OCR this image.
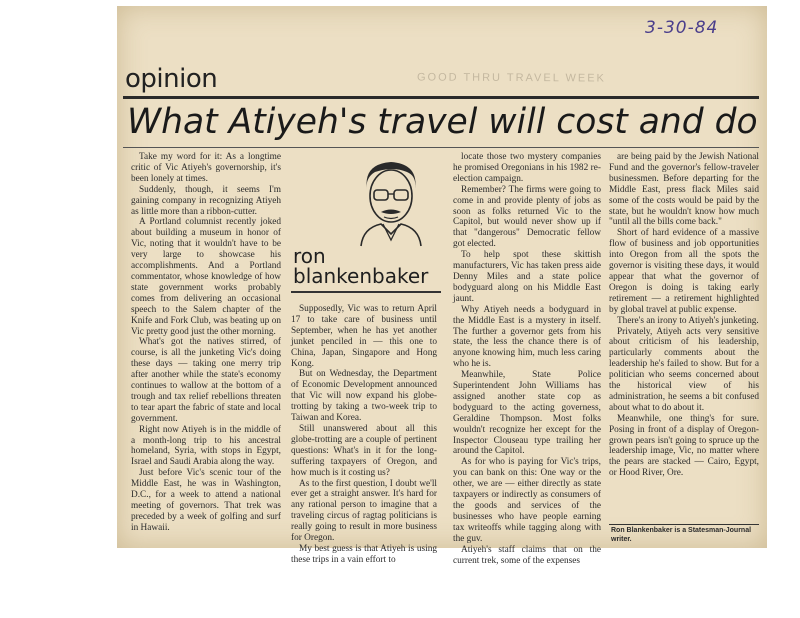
3-30-84
GOOD THRU TRAVEL WEEK
opinion
What Atiyeh's travel will cost and do

Take my word for it: As a longtime critic of Vic Atiyeh's governorship, it's been lonely at times.

Suddenly, though, it seems I'm gaining company in recognizing Atiyeh as little more than a ribbon-cutter.

A Portland columnist recently joked about building a museum in honor of Vic, noting that it wouldn't have to be very large to showcase his accomplishments. And a Portland commentator, whose knowledge of how state government works probably comes from delivering an occasional speech to the Salem chapter of the Knife and Fork Club, was beating up on Vic pretty good just the other morning.

What's got the natives stirred, of course, is all the junketing Vic's doing these days — taking one merry trip after another while the state's economy continues to wallow at the bottom of a trough and tax relief rebellions threaten to tear apart the fabric of state and local government.

Right now Atiyeh is in the middle of a month-long trip to his ancestral homeland, Syria, with stops in Egypt, Israel and Saudi Arabia along the way.

Just before Vic's scenic tour of the Middle East, he was in Washington, D.C., for a week to attend a national meeting of governors. That trek was preceded by a week of golfing and surf in Hawaii.

ron
blankenbaker

Supposedly, Vic was to return April 17 to take care of business until September, when he has yet another junket penciled in — this one to China, Japan, Singapore and Hong Kong.

But on Wednesday, the Department of Economic Development announced that Vic will now expand his globe-trotting by taking a two-week trip to Taiwan and Korea.

Still unanswered about all this globe-trotting are a couple of pertinent questions: What's in it for the long-suffering taxpayers of Oregon, and how much is it costing us?

As to the first question, I doubt we'll ever get a straight answer. It's hard for any rational person to imagine that a traveling circus of ragtag politicians is really going to result in more business for Oregon.

My best guess is that Atiyeh is using these trips in a vain effort to

locate those two mystery companies he promised Oregonians in his 1982 re-election campaign.

Remember? The firms were going to come in and provide plenty of jobs as soon as folks returned Vic to the Capitol, but would never show up if that "dangerous" Democratic fellow got elected.

To help spot these skittish manufacturers, Vic has taken press aide Denny Miles and a state police bodyguard along on his Middle East jaunt.

Why Atiyeh needs a bodyguard in the Middle East is a mystery in itself. The further a governor gets from his state, the less the chance there is of anyone knowing him, much less caring who he is.

Meanwhile, State Police Superintendent John Williams has assigned another state cop as bodyguard to the acting governess, Geraldine Thompson. Most folks wouldn't recognize her except for the Inspector Clouseau type trailing her around the Capitol.

As for who is paying for Vic's trips, you can bank on this: One way or the other, we are — either directly as state taxpayers or indirectly as consumers of the goods and services of the businesses who have people earning tax writeoffs while tagging along with the guv.

Atiyeh's staff claims that on the current trek, some of the expenses

are being paid by the Jewish National Fund and the governor's fellow-traveler businessmen. Before departing for the Middle East, press flack Miles said some of the costs would be paid by the state, but he wouldn't know how much "until all the bills come back."

Short of hard evidence of a massive flow of business and job opportunities into Oregon from all the spots the governor is visiting these days, it would appear that what the governor of Oregon is doing is taking early retirement — a retirement highlighted by global travel at public expense.

There's an irony to Atiyeh's junketing.

Privately, Atiyeh acts very sensitive about criticism of his leadership, particularly comments about the leadership he's failed to show. But for a politician who seems concerned about the historical view of his administration, he seems a bit confused about what to do about it.

Meanwhile, one thing's for sure. Posing in front of a display of Oregon-grown pears isn't going to spruce up the leadership image, Vic, no matter where the pears are stacked — Cairo, Egypt, or Hood River, Ore.

Ron Blankenbaker is a Statesman-Journal writer.
